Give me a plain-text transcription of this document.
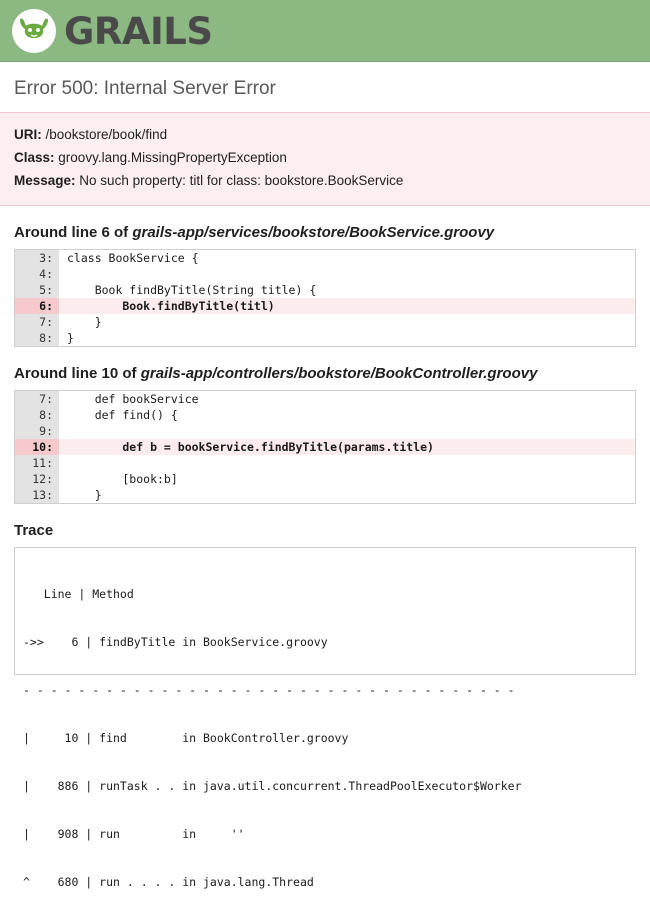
GRAILS
Error 500: Internal Server Error
URI: /bookstore/book/find
Class: groovy.lang.MissingPropertyException
Message: No such property: titl for class: bookstore.BookService
Around line 6 of grails-app/services/bookstore/BookService.groovy
3:	class BookService {
4:
5:	Book findByTitle(String title) {
6:	Book.findByTitle(titl)
7:	}
8:	}
Around line 10 of grails-app/controllers/bookstore/BookController.groovy
7:	def bookService
8:	def find() {
9:
10:	def b = bookService.findByTitle(params.title)
11:
12:	[book:b]
13:	}
Trace

Line | Method

->>    6 | findByTitle in BookService.groovy

- - - - - - - - - - - - - - - - - - - - - - - - - - - - - - - - - - - -

|     10 | find        in BookController.groovy

|    886 | runTask . . in java.util.concurrent.ThreadPoolExecutor$Worker

|    908 | run         in     ''

^    680 | run . . . . in java.lang.Thread
